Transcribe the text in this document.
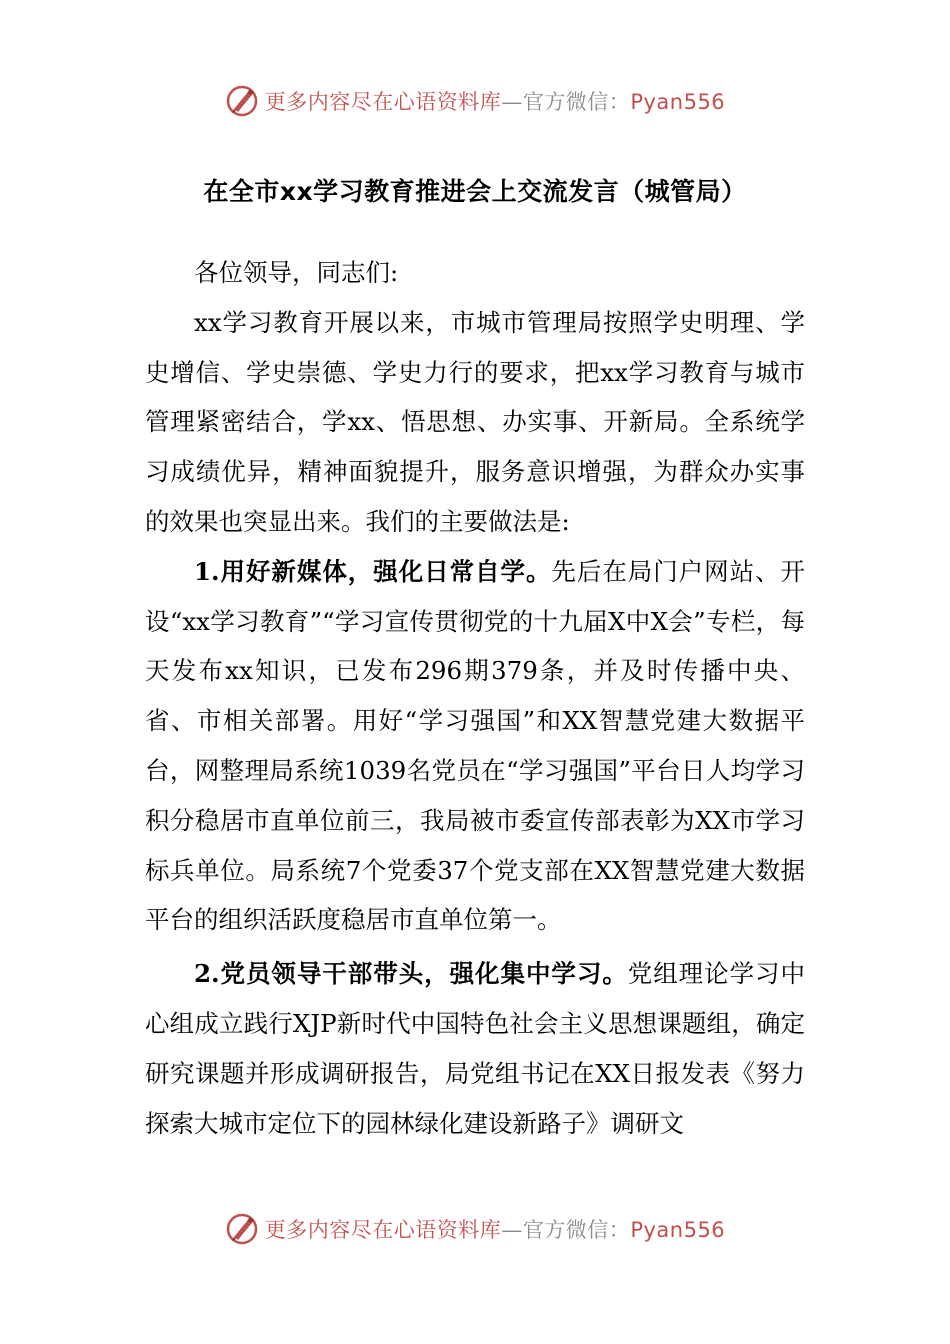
更多内容尽在心语资料库—官方微信：Pyan556
在全市xx学习教育推进会上交流发言（城管局）

各位领导，同志们:

xx学习教育开展以来，市城市管理局按照学史明理、学史增信、学史崇德、学史力行的要求，把xx学习教育与城市管理紧密结合，学xx、悟思想、办实事、开新局。全系统学习成绩优异，精神面貌提升，服务意识增强，为群众办实事的效果也突显出来。我们的主要做法是:

1.用好新媒体，强化日常自学。先后在局门户网站、开设“xx学习教育”“学习宣传贯彻党的十九届X中X会”专栏，每天发布xx知识，已发布296期379条，并及时传播中央、省、市相关部署。用好“学习强国”和XX智慧党建大数据平台，网整理局系统1039名党员在“学习强国”平台日人均学习积分稳居市直单位前三，我局被市委宣传部表彰为XX市学习标兵单位。局系统7个党委37个党支部在XX智慧党建大数据平台的组织活跃度稳居市直单位第一。

2.党员领导干部带头，强化集中学习。党组理论学习中心组成立践行XJP新时代中国特色社会主义思想课题组，确定研究课题并形成调研报告，局党组书记在XX日报发表《努力探索大城市定位下的园林绿化建设新路子》调研文

更多内容尽在心语资料库—官方微信：Pyan556
